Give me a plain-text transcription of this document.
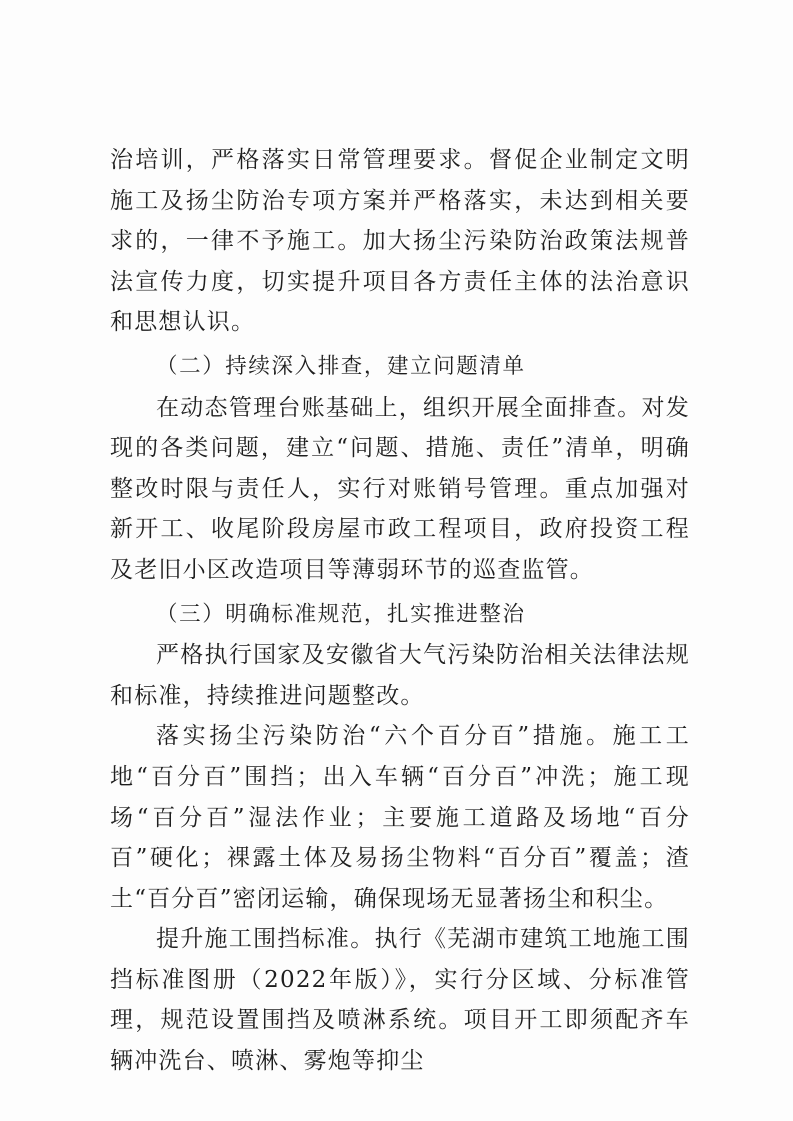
治培训，严格落实日常管理要求。督促企业制定文明施工及扬尘防治专项方案并严格落实，未达到相关要求的，一律不予施工。加大扬尘污染防治政策法规普法宣传力度，切实提升项目各方责任主体的法治意识和思想认识。

（二）持续深入排查，建立问题清单

在动态管理台账基础上，组织开展全面排查。对发现的各类问题，建立“问题、措施、责任”清单，明确整改时限与责任人，实行对账销号管理。重点加强对新开工、收尾阶段房屋市政工程项目，政府投资工程及老旧小区改造项目等薄弱环节的巡查监管。

（三）明确标准规范，扎实推进整治

严格执行国家及安徽省大气污染防治相关法律法规和标准，持续推进问题整改。

落实扬尘污染防治“六个百分百”措施。施工工地“百分百”围挡；出入车辆“百分百”冲洗；施工现场“百分百”湿法作业；主要施工道路及场地“百分百”硬化；裸露土体及易扬尘物料“百分百”覆盖；渣土“百分百”密闭运输，确保现场无显著扬尘和积尘。

提升施工围挡标准。执行《芜湖市建筑工地施工围挡标准图册（2022年版）》，实行分区域、分标准管理，规范设置围挡及喷淋系统。项目开工即须配齐车辆冲洗台、喷淋、雾炮等抑尘
